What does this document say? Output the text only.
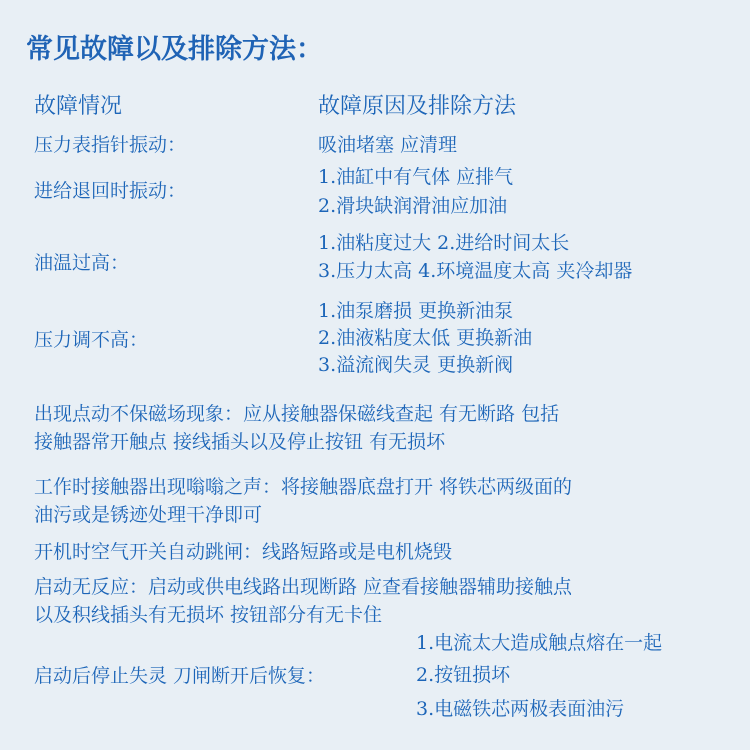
常见故障以及排除方法：
故障情况	故障原因及排除方法
压力表指针振动：	吸油堵塞 应清理
进给退回时振动：
1.油缸中有气体 应排气
2.滑块缺润滑油应加油
油温过高：
1.油粘度过大 2.进给时间太长
3.压力太高 4.环境温度太高 夹冷却器
压力调不高：
1.油泵磨损 更换新油泵
2.油液粘度太低 更换新油
3.溢流阀失灵 更换新阀
出现点动不保磁场现象：应从接触器保磁线查起 有无断路 包括
接触器常开触点 接线插头以及停止按钮 有无损坏
工作时接触器出现嗡嗡之声：将接触器底盘打开 将铁芯两级面的
油污或是锈迹处理干净即可
开机时空气开关自动跳闸：线路短路或是电机烧毁
启动无反应：启动或供电线路出现断路 应查看接触器辅助接触点
以及积线插头有无损坏 按钮部分有无卡住
启动后停止失灵 刀闸断开后恢复：
1.电流太大造成触点熔在一起
2.按钮损坏
3.电磁铁芯两极表面油污
